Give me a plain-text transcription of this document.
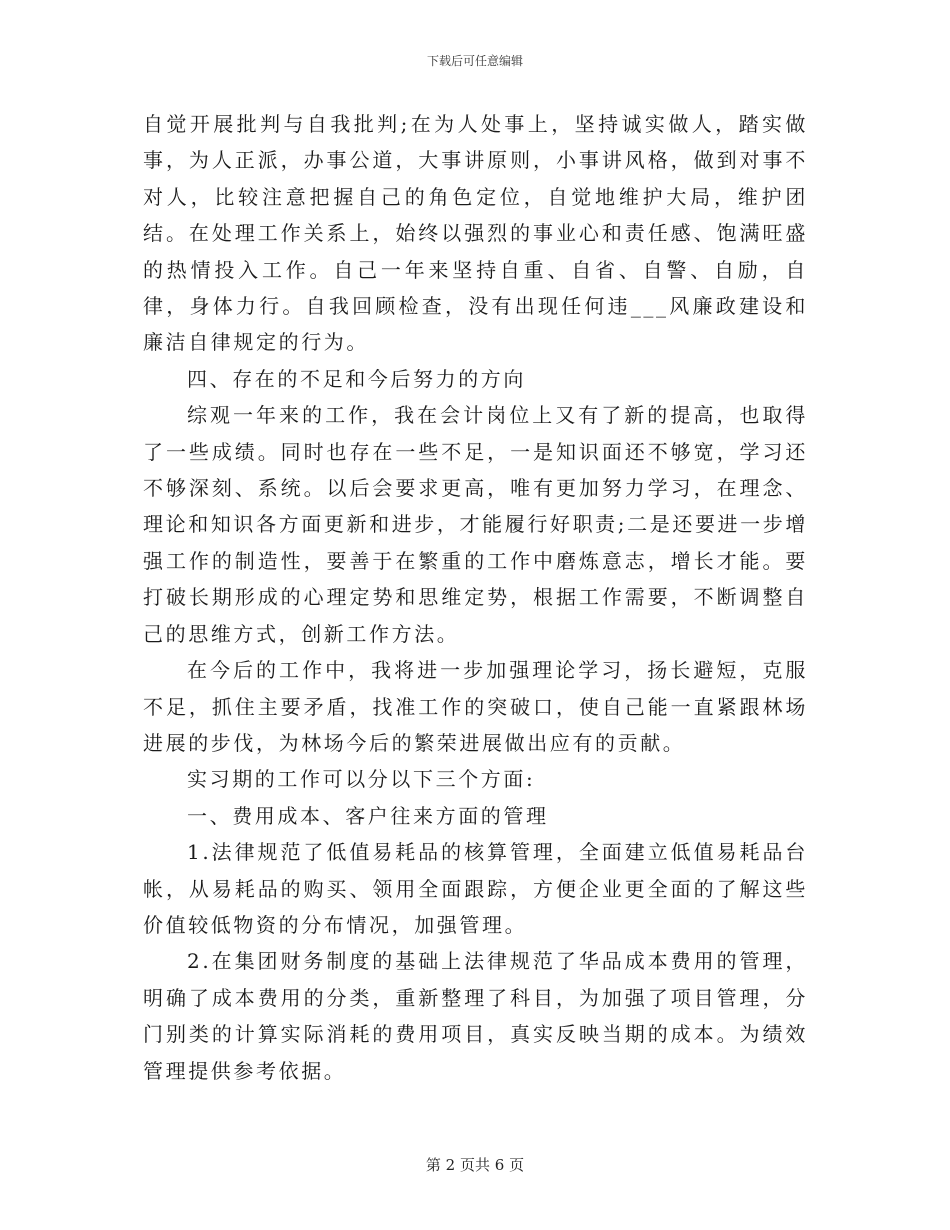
下载后可任意编辑

自觉开展批判与自我批判;在为人处事上，坚持诚实做人，踏实做事，为人正派，办事公道，大事讲原则，小事讲风格，做到对事不对人，比较注意把握自己的角色定位，自觉地维护大局，维护团结。在处理工作关系上，始终以强烈的事业心和责任感、饱满旺盛的热情投入工作。自己一年来坚持自重、自省、自警、自励，自律，身体力行。自我回顾检查，没有出现任何违___风廉政建设和廉洁自律规定的行为。

四、存在的不足和今后努力的方向

综观一年来的工作，我在会计岗位上又有了新的提高，也取得了一些成绩。同时也存在一些不足，一是知识面还不够宽，学习还不够深刻、系统。以后会要求更高，唯有更加努力学习，在理念、理论和知识各方面更新和进步，才能履行好职责;二是还要进一步增强工作的制造性，要善于在繁重的工作中磨炼意志，增长才能。要打破长期形成的心理定势和思维定势，根据工作需要，不断调整自己的思维方式，创新工作方法。

在今后的工作中，我将进一步加强理论学习，扬长避短，克服不足，抓住主要矛盾，找准工作的突破口，使自己能一直紧跟林场进展的步伐，为林场今后的繁荣进展做出应有的贡献。

实习期的工作可以分以下三个方面:

一、费用成本、客户往来方面的管理

1.法律规范了低值易耗品的核算管理，全面建立低值易耗品台帐，从易耗品的购买、领用全面跟踪，方便企业更全面的了解这些价值较低物资的分布情况，加强管理。

2.在集团财务制度的基础上法律规范了华品成本费用的管理，明确了成本费用的分类，重新整理了科目，为加强了项目管理，分门别类的计算实际消耗的费用项目，真实反映当期的成本。为绩效管理提供参考依据。

第 2 页共 6 页
